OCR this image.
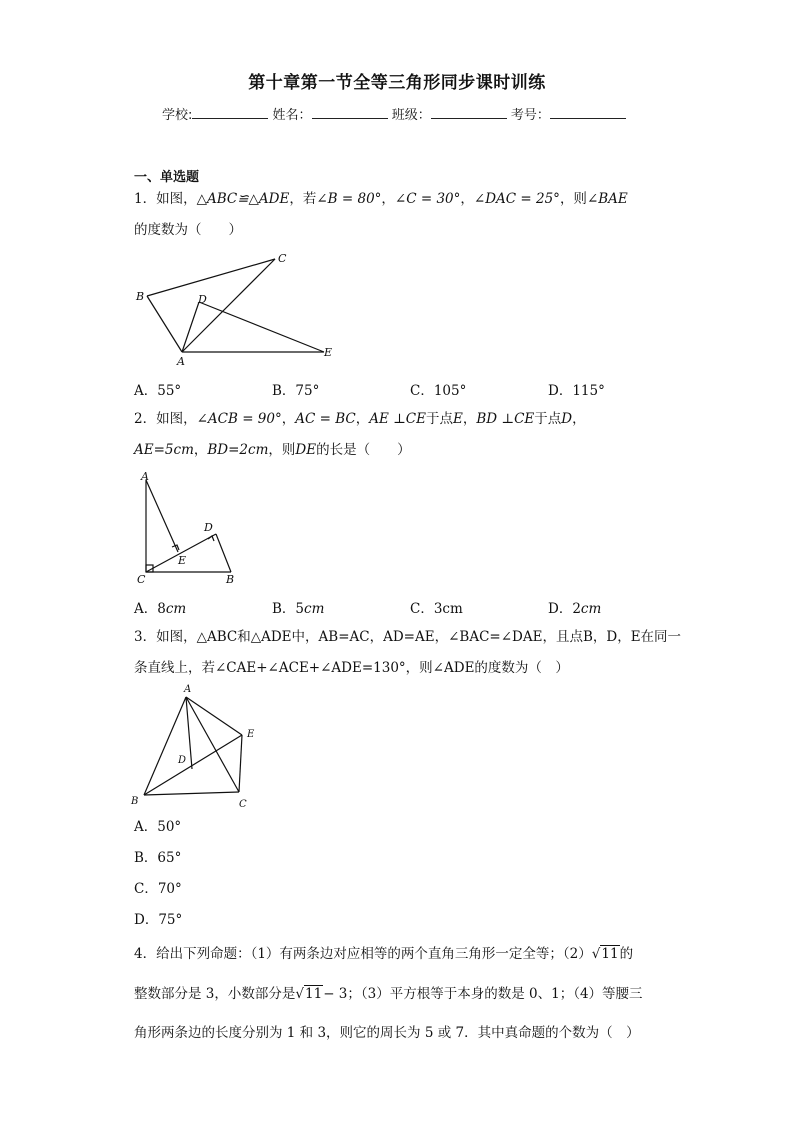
第十章第一节全等三角形同步课时训练
学校:	姓名：	班级：	考号：
一、单选题
1．如图，△ABC≌△ADE，若∠B = 80°，∠C = 30°，∠DAC = 25°，则∠BAE
的度数为（　　）
B
C
D
A
E
A．55°	B．75°	C．105°	D．115°
2．如图，∠ACB = 90°，AC = BC，AE ⊥CE于点E，BD ⊥CE于点D，
AE=5cm，BD=2cm，则DE的长是（　　）
A
C	B
E
D
A．8cm	B．5cm	C．3cm	D．2cm
3．如图，△ABC和△ADE中，AB=AC，AD=AE，∠BAC=∠DAE，且点B，D，E在同一
条直线上，若∠CAE+∠ACE+∠ADE=130°，则∠ADE的度数为（　）
A
B	C
D
E
A．50°
B．65°
C．70°
D．75°
4．给出下列命题：（1）有两条边对应相等的两个直角三角形一定全等；（2）√11的
整数部分是 3，小数部分是√11− 3；（3）平方根等于本身的数是 0、1；（4）等腰三
角形两条边的长度分别为 1 和 3，则它的周长为 5 或 7．其中真命题的个数为（　）
